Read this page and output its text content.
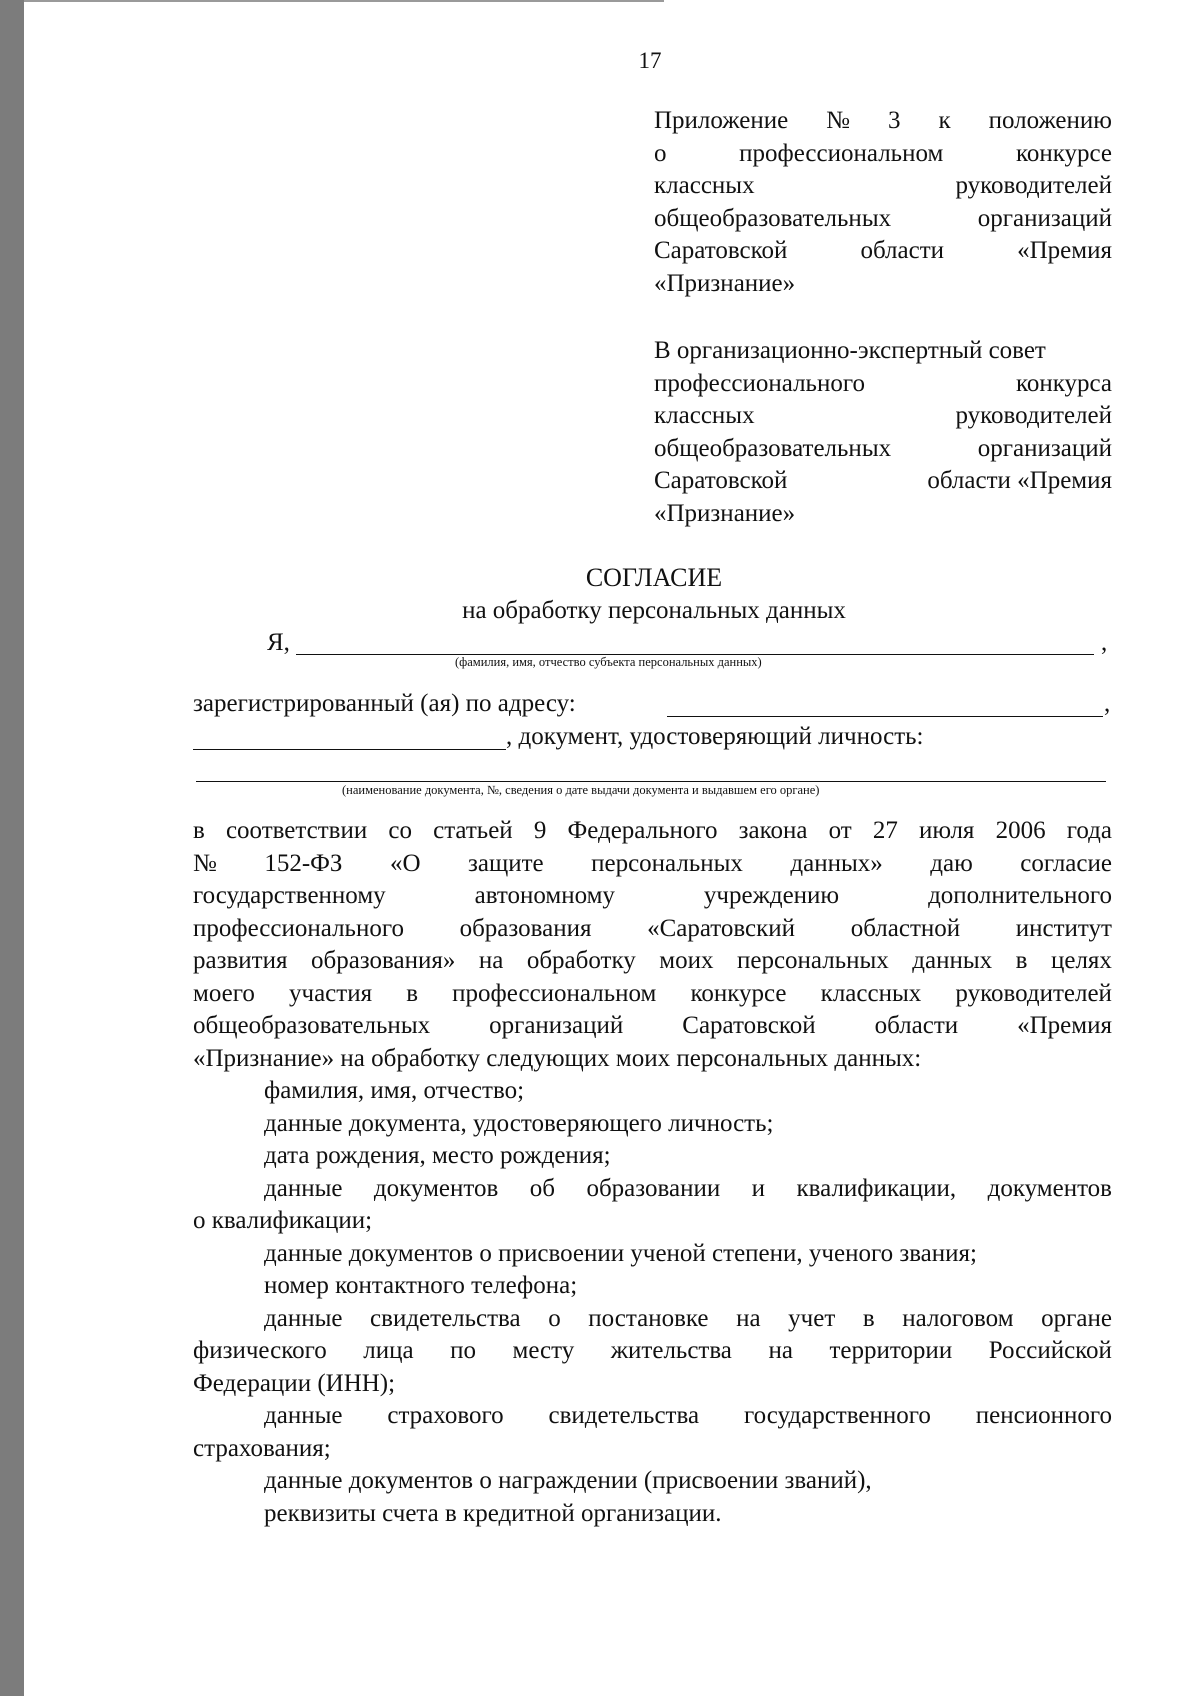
17
Приложение № 3 к положению
о	профессиональном	конкурсе
классных	руководителей
общеобразовательных	организаций
Саратовской	области	«Премия
«Признание»
В организационно-экспертный совет
профессионального	конкурса
классных	руководителей
общеобразовательных	организаций
Саратовской	области «Премия
«Признание»
СОГЛАСИЕ
на обработку персональных данных
Я,	,
(фамилия, имя, отчество субъекта персональных данных)
зарегистрированный (ая) по адресу:	,
, документ, удостоверяющий личность:
(наименование документа, №, сведения о дате выдачи документа и выдавшем его органе)
в соответствии со статьей 9 Федерального закона от 27 июля 2006 года
№ 152-ФЗ «О защите персональных данных» даю согласие
государственному	автономному	учреждению	дополнительного
профессионального образования «Саратовский областной институт
развития образования» на обработку моих персональных данных в целях
моего участия в профессиональном конкурсе классных руководителей
общеобразовательных организаций Саратовской области «Премия
«Признание» на обработку следующих моих персональных данных:
фамилия, имя, отчество;
данные документа, удостоверяющего личность;
дата рождения, место рождения;
данные документов об образовании и квалификации, документов
о квалификации;
данные документов о присвоении ученой степени, ученого звания;
номер контактного телефона;
данные свидетельства о постановке на учет в налоговом органе
физического лица по месту жительства на территории Российской
Федерации (ИНН);
данные страхового свидетельства государственного пенсионного
страхования;
данные документов о награждении (присвоении званий),
реквизиты счета в кредитной организации.
